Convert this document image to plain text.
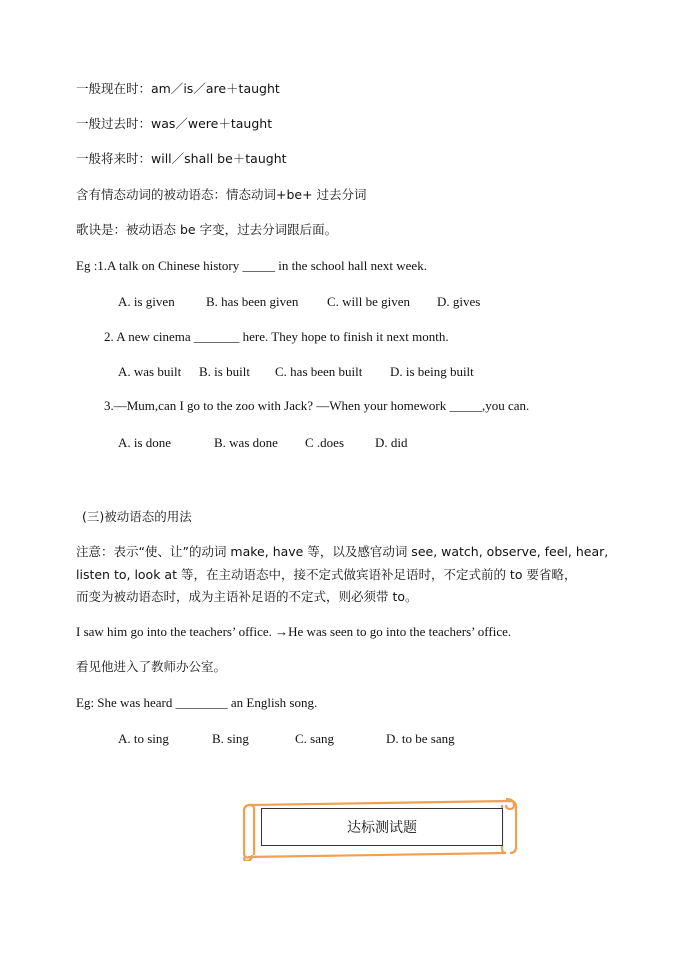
一般现在时：am／is／are＋taught
一般过去时：was／were＋taught
一般将来时：will／shall be＋taught
含有情态动词的被动语态：情态动词+be+ 过去分词
歌诀是：被动语态 be 字变，过去分词跟后面。
Eg :1.A talk on Chinese history _____ in the school hall next week.
A. is given B. has been given C. will be given D. gives
2. A new cinema _______ here. They hope to finish it next month.
A. was built B. is built C. has been built D. is being built
3.—Mum,can I go to the zoo with Jack? —When your homework _____,you can.
A. is done	B. was done C .does D. did
(三)被动语态的用法
注意：表示“使、让”的动词 make, have 等，以及感官动词 see, watch, observe, feel, hear,
listen to, look at 等，在主动语态中，接不定式做宾语补足语时，不定式前的 to 要省略，
而变为被动语态时，成为主语补足语的不定式，则必须带 to。
I saw him go into the teachers’ office. →He was seen to go into the teachers’ office.
看见他进入了教师办公室。
Eg: She was heard ________ an English song.
A. to sing	B. sing	C. sang	D. to be sang
达标测试题
